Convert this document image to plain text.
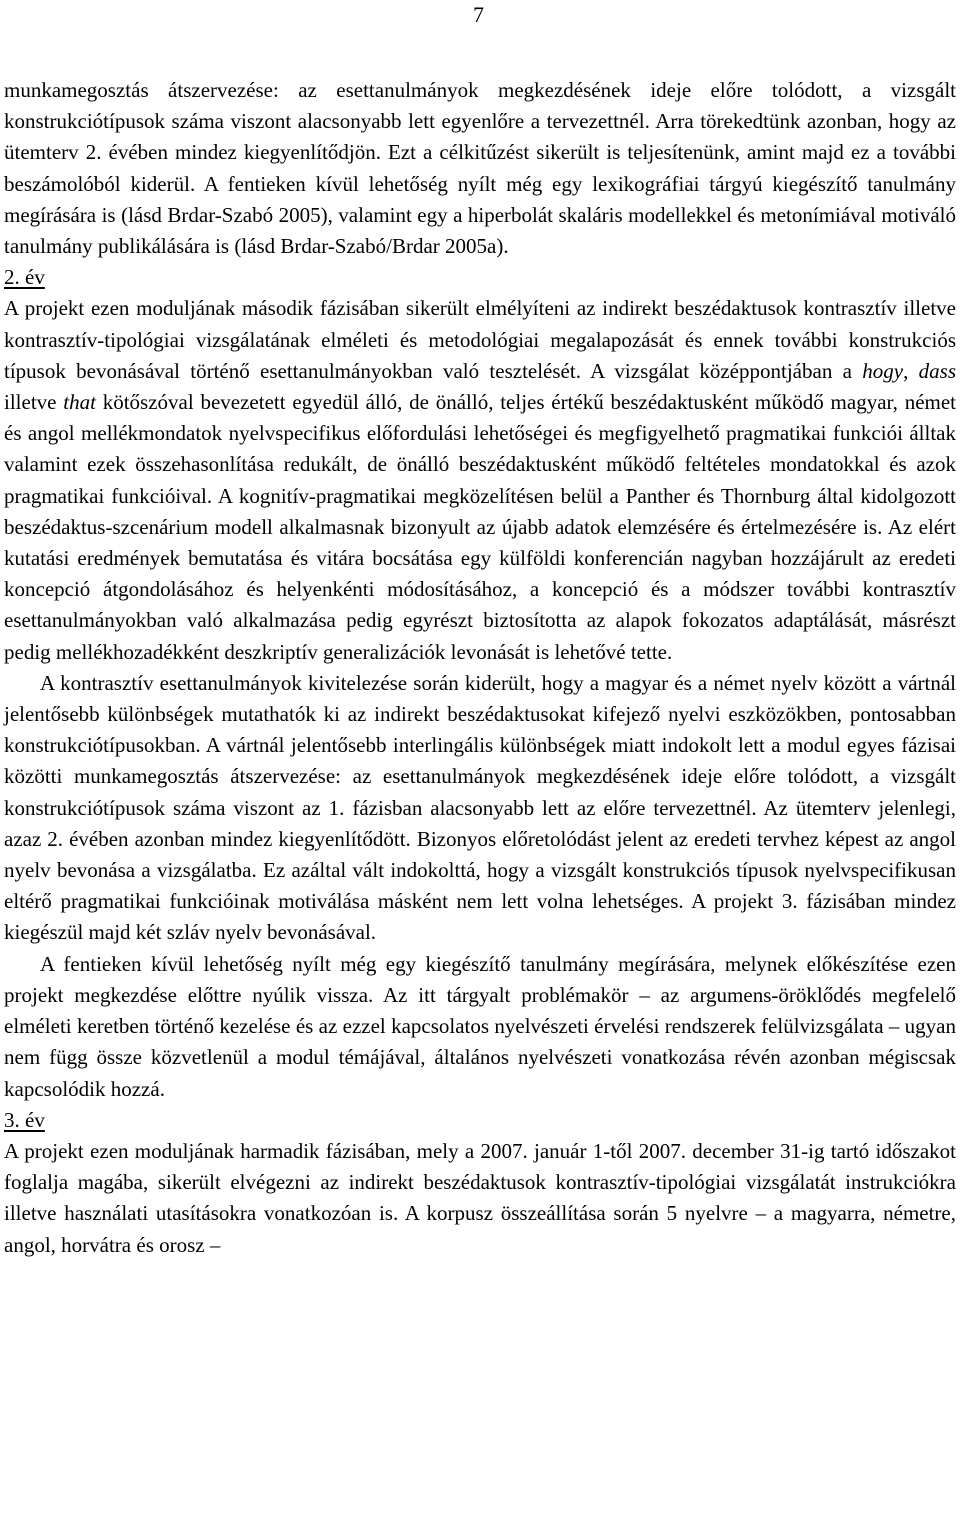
7

munkamegosztás átszervezése: az esettanulmányok megkezdésének ideje előre tolódott, a vizsgált konstrukciótípusok száma viszont alacsonyabb lett egyenlőre a tervezettnél. Arra törekedtünk azonban, hogy az ütemterv 2. évében mindez kiegyenlítődjön. Ezt a célkitűzést sikerült is teljesítenünk, amint majd ez a további beszámolóból kiderül. A fentieken kívül lehetőség nyílt még egy lexikográfiai tárgyú kiegészítő tanulmány megírására is (lásd Brdar-Szabó 2005), valamint egy a hiperbolát skaláris modellekkel és metonímiával motiváló tanulmány publikálására is (lásd Brdar-Szabó/Brdar 2005a).

2. év

A projekt ezen moduljának második fázisában sikerült elmélyíteni az indirekt beszédaktusok kontrasztív illetve kontrasztív-tipológiai vizsgálatának elméleti és metodológiai megalapozását és ennek további konstrukciós típusok bevonásával történő esettanulmányokban való tesztelését. A vizsgálat középpontjában a hogy, dass illetve that kötőszóval bevezetett egyedül álló, de önálló, teljes értékű beszédaktusként működő magyar, német és angol mellékmondatok nyelvspecifikus előfordulási lehetőségei és megfigyelhető pragmatikai funkciói álltak valamint ezek összehasonlítása redukált, de önálló beszédaktusként működő feltételes mondatokkal és azok pragmatikai funkcióival. A kognitív-pragmatikai megközelítésen belül a Panther és Thornburg által kidolgozott beszédaktus-szcenárium modell alkalmasnak bizonyult az újabb adatok elemzésére és értelmezésére is. Az elért kutatási eredmények bemutatása és vitára bocsátása egy külföldi konferencián nagyban hozzájárult az eredeti koncepció átgondolásához és helyenkénti módosításához, a koncepció és a módszer további kontrasztív esettanulmányokban való alkalmazása pedig egyrészt biztosította az alapok fokozatos adaptálását, másrészt pedig mellékhozadékként deszkriptív generalizációk levonását is lehetővé tette.

A kontrasztív esettanulmányok kivitelezése során kiderült, hogy a magyar és a német nyelv között a vártnál jelentősebb különbségek mutathatók ki az indirekt beszédaktusokat kifejező nyelvi eszközökben, pontosabban konstrukciótípusokban. A vártnál jelentősebb interlingális különbségek miatt indokolt lett a modul egyes fázisai közötti munkamegosztás átszervezése: az esettanulmányok megkezdésének ideje előre tolódott, a vizsgált konstrukciótípusok száma viszont az 1. fázisban alacsonyabb lett az előre tervezettnél. Az ütemterv jelenlegi, azaz 2. évében azonban mindez kiegyenlítődött. Bizonyos előretolódást jelent az eredeti tervhez képest az angol nyelv bevonása a vizsgálatba. Ez azáltal vált indokolttá, hogy a vizsgált konstrukciós típusok nyelvspecifikusan eltérő pragmatikai funkcióinak motiválása másként nem lett volna lehetséges. A projekt 3. fázisában mindez kiegészül majd két szláv nyelv bevonásával.

A fentieken kívül lehetőség nyílt még egy kiegészítő tanulmány megírására, melynek előkészítése ezen projekt megkezdése előttre nyúlik vissza. Az itt tárgyalt problémakör – az argumens-öröklődés megfelelő elméleti keretben történő kezelése és az ezzel kapcsolatos nyelvészeti érvelési rendszerek felülvizsgálata – ugyan nem függ össze közvetlenül a modul témájával, általános nyelvészeti vonatkozása révén azonban mégiscsak kapcsolódik hozzá.

3. év

A projekt ezen moduljának harmadik fázisában, mely a 2007. január 1-től 2007. december 31-ig tartó időszakot foglalja magába, sikerült elvégezni az indirekt beszédaktusok kontrasztív-tipológiai vizsgálatát instrukciókra illetve használati utasításokra vonatkozóan is. A korpusz összeállítása során 5 nyelvre – a magyarra, németre, angol, horvátra és orosz –
